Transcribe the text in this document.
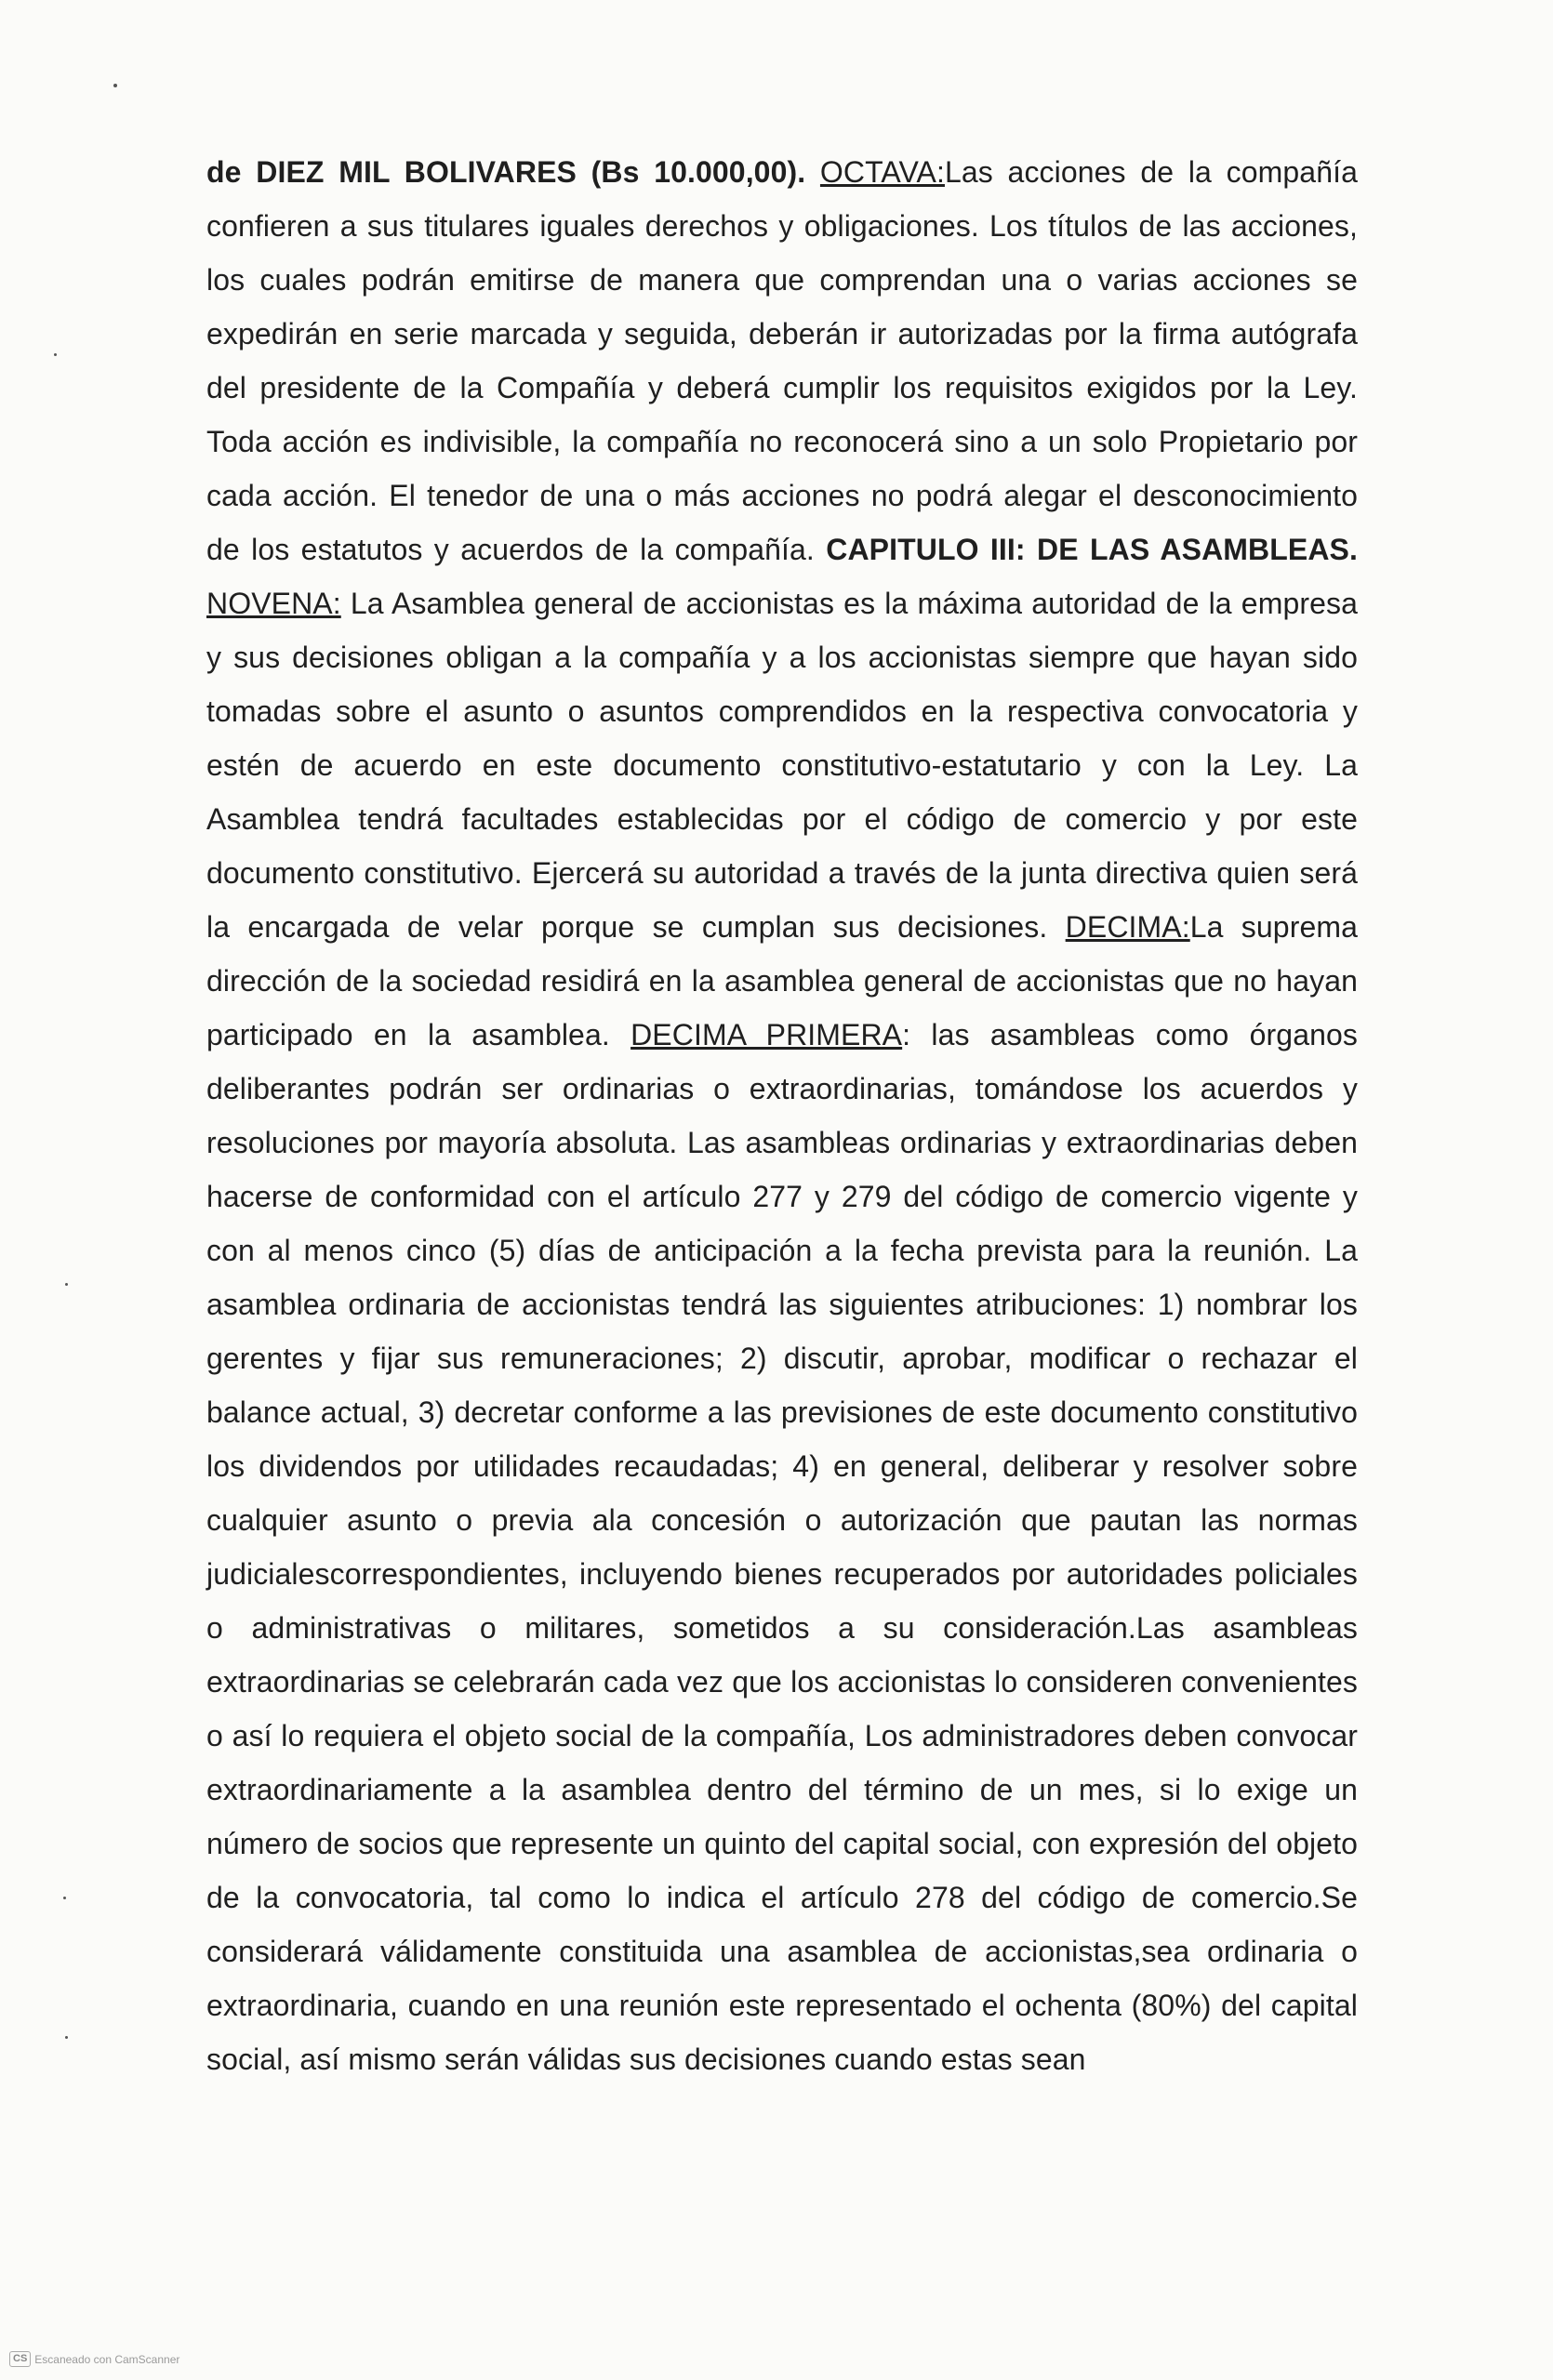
de DIEZ MIL BOLIVARES (Bs 10.000,00). OCTAVA:Las acciones de la compañía confieren a sus titulares iguales derechos y obligaciones. Los títulos de las acciones, los cuales podrán emitirse de manera que comprendan una o varias acciones se expedirán en serie marcada y seguida, deberán ir autorizadas por la firma autógrafa del presidente de la Compañía y deberá cumplir los requisitos exigidos por la Ley. Toda acción es indivisible, la compañía no reconocerá sino a un solo Propietario por cada acción. El tenedor de una o más acciones no podrá alegar el desconocimiento de los estatutos y acuerdos de la compañía. CAPITULO III: DE LAS ASAMBLEAS. NOVENA: La Asamblea general de accionistas es la máxima autoridad de la empresa y sus decisiones obligan a la compañía y a los accionistas siempre que hayan sido tomadas sobre el asunto o asuntos comprendidos en la respectiva convocatoria y estén de acuerdo en este documento constitutivo-estatutario y con la Ley. La Asamblea tendrá facultades establecidas por el código de comercio y por este documento constitutivo. Ejercerá su autoridad a través de la junta directiva quien será la encargada de velar porque se cumplan sus decisiones. DECIMA:La suprema dirección de la sociedad residirá en la asamblea general de accionistas que no hayan participado en la asamblea. DECIMA PRIMERA: las asambleas como órganos deliberantes podrán ser ordinarias o extraordinarias, tomándose los acuerdos y resoluciones por mayoría absoluta. Las asambleas ordinarias y extraordinarias deben hacerse de conformidad con el artículo 277 y 279 del código de comercio vigente y con al menos cinco (5) días de anticipación a la fecha prevista para la reunión. La asamblea ordinaria de accionistas tendrá las siguientes atribuciones: 1) nombrar los gerentes y fijar sus remuneraciones; 2) discutir, aprobar, modificar o rechazar el balance actual, 3) decretar conforme a las previsiones de este documento constitutivo los dividendos por utilidades recaudadas; 4) en general, deliberar y resolver sobre cualquier asunto o previa ala concesión o autorización que pautan las normas judicialescorrespondientes, incluyendo bienes recuperados por autoridades policiales o administrativas o militares, sometidos a su consideración.Las asambleas extraordinarias se celebrarán cada vez que los accionistas lo consideren convenientes o así lo requiera el objeto social de la compañía, Los administradores deben convocar extraordinariamente a la asamblea dentro del término de un mes, si lo exige un número de socios que represente un quinto del capital social, con expresión del objeto de la convocatoria, tal como lo indica el artículo 278 del código de comercio.Se considerará válidamente constituida una asamblea de accionistas,sea ordinaria o extraordinaria, cuando en una reunión este representado el ochenta (80%) del capital social, así mismo serán válidas sus decisiones cuando estas sean

CS Escaneado con CamScanner
